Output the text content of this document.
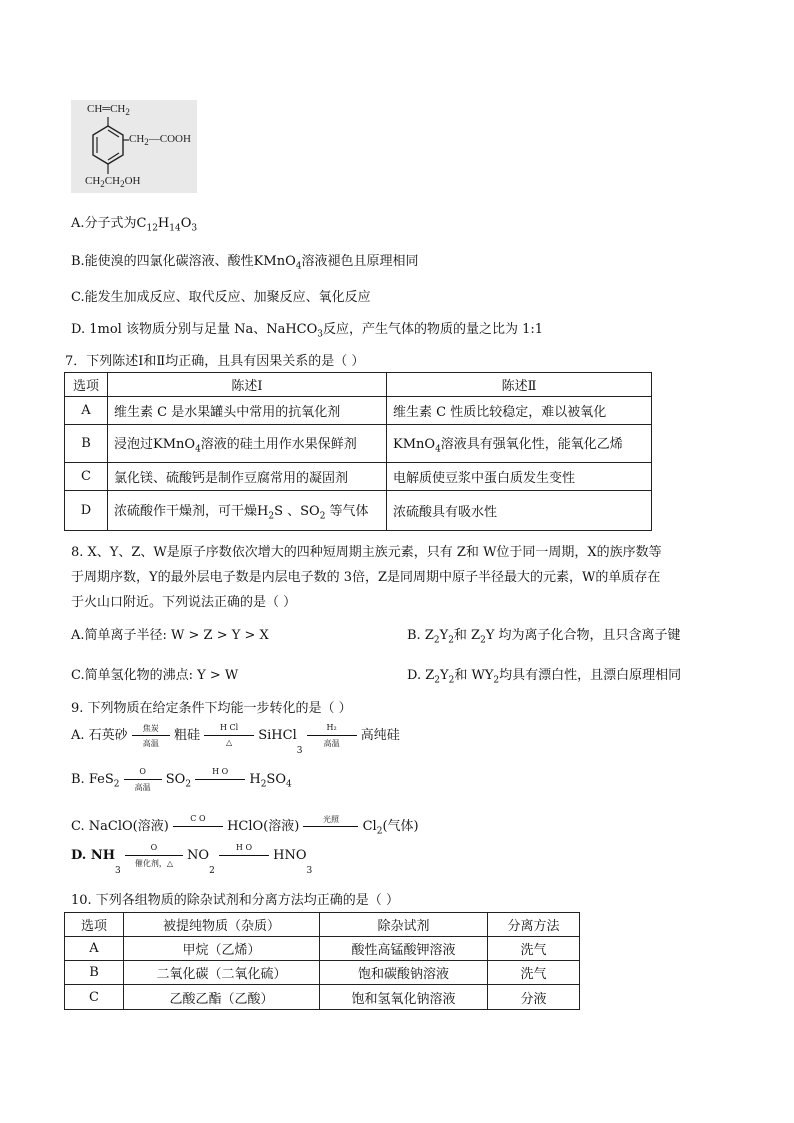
$CH═CH_2$
$CH_2—COOH$
$CH_2CH_2OH$
A.分子式为$C_{12}H_{14}O_3$
B.能使溴的四氯化碳溶液、酸性KMnO$_4$溶液褪色且原理相同
C.能发生加成反应、取代反应、加聚反应、氧化反应
D. 1mol 该物质分别与足量 Na、NaHCO$_3$反应，产生气体的物质的量之比为 1:1
7．下列陈述Ⅰ和Ⅱ均正确，且具有因果关系的是（ ）
选项	陈述Ⅰ	陈述Ⅱ
A	维生素 C 是水果罐头中常用的抗氧化剂	维生素 C 性质比较稳定，难以被氧化
B	浸泡过KMnO$_4$溶液的硅土用作水果保鲜剂	KMnO$_4$溶液具有强氧化性，能氧化乙烯
C	氯化镁、硫酸钙是制作豆腐常用的凝固剂	电解质使豆浆中蛋白质发生变性
D	浓硫酸作干燥剂，可干燥$H_2S$ 、$SO_2$ 等气体	浓硫酸具有吸水性
8. X、Y、Z、W是原子序数依次增大的四种短周期主族元素，只有 Z和 W位于同一周期，X的族序数等
于周期序数，Y的最外层电子数是内层电子数的 3倍，Z是同周期中原子半径最大的元素，W的单质存在
于火山口附近。下列说法正确的是（ ）
A.简单离子半径: W > Z > Y > X	B. $Z_2Y_2$和 $Z_2Y$ 均为离子化合物，且只含离子键
C.简单氢化物的沸点: Y > W	D. $Z_2Y_2$和 $WY_2$均具有漂白性，且漂白原理相同
9. 下列物质在给定条件下均能一步转化的是（ ）
A. 石英砂	焦炭
高温
粗硅
H Cl
△	SiHCl$_3$
H₂
高温
高纯硅
B. FeS$_2$
O
高温
$SO_2$
H O
$H_2SO_4$
C. NaClO(溶液)
C O
HClO(溶液)	光照	$Cl_2$(气体)
D. $NH_3$
O
催化剂，△
$NO_2$
H O
$HNO_3$
10. 下列各组物质的除杂试剂和分离方法均正确的是（ ）
选项	被提纯物质（杂质）	除杂试剂	分离方法
A	甲烷（乙烯）	酸性高锰酸钾溶液	洗气
B	二氧化碳（二氧化硫）	饱和碳酸钠溶液	洗气
C	乙酸乙酯（乙酸）	饱和氢氧化钠溶液	分液
